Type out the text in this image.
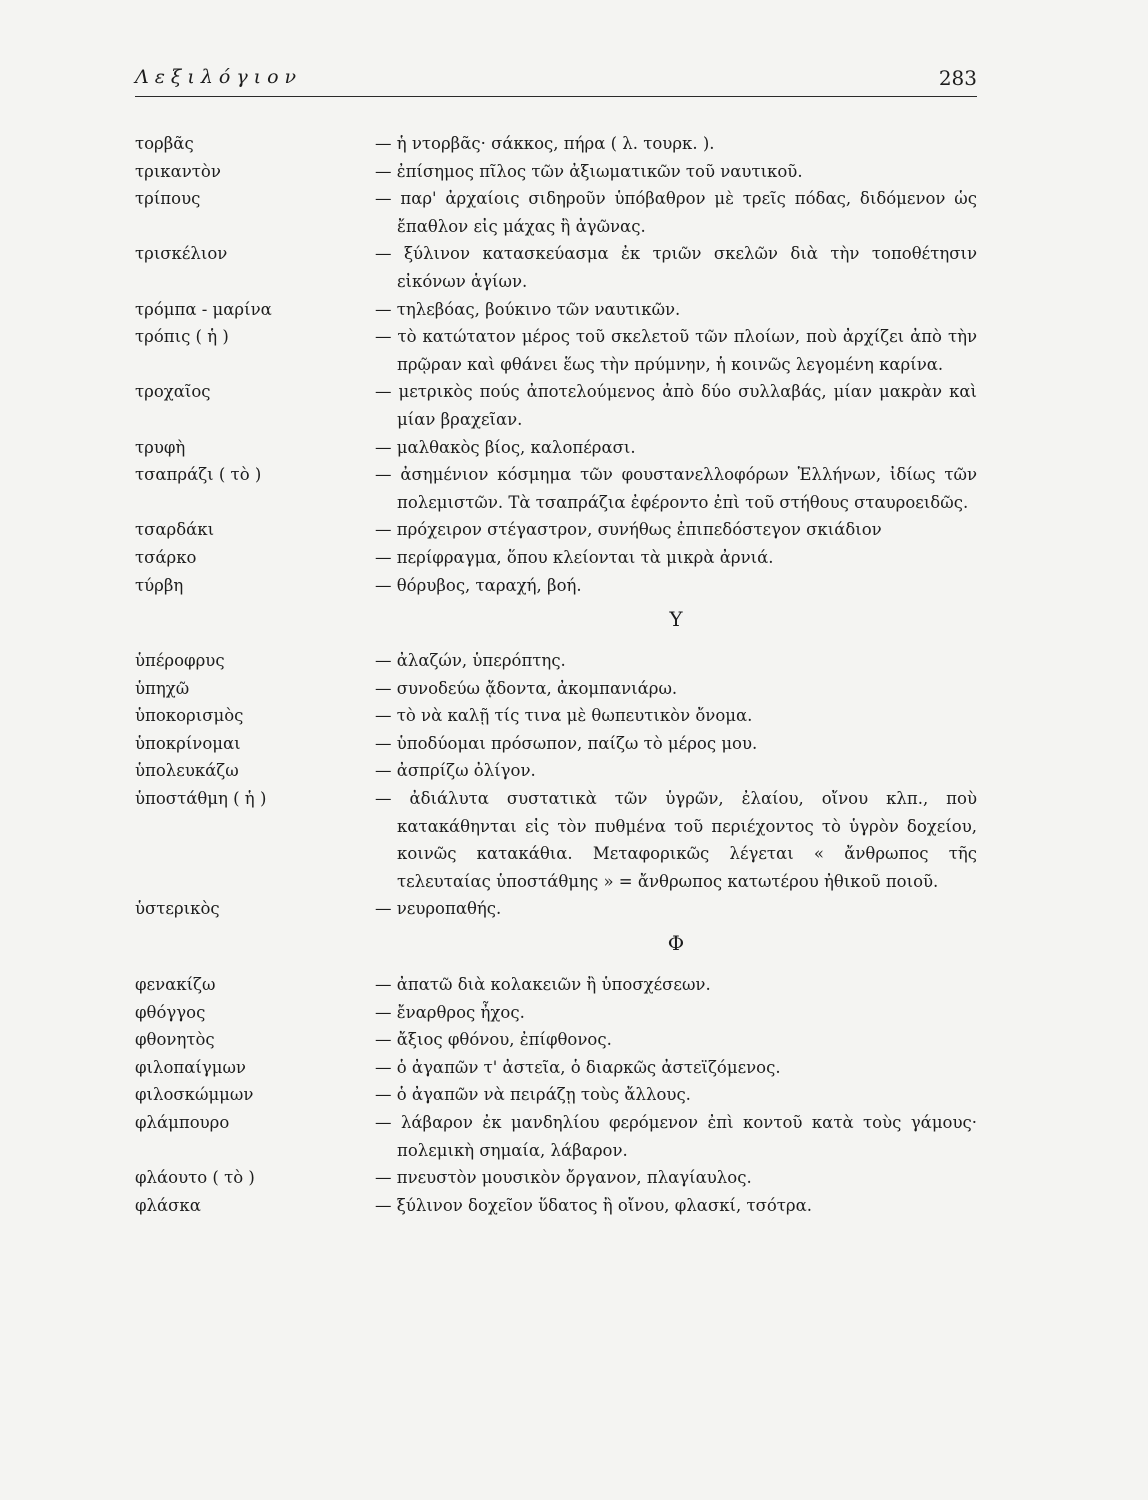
Λεξιλόγιον	283
τορβᾶς	— ἡ ντορβᾶς· σάκκος, πήρα ( λ. τουρκ. ).
τρικαντὸν	— ἐπίσημος πῖλος τῶν ἀξιωματικῶν τοῦ ναυτικοῦ.
τρίπους	— παρ' ἀρχαίοις σιδηροῦν ὑπόβαθρον μὲ τρεῖς πόδας, διδόμενον ὡς ἔπαθλον εἰς μάχας ἢ ἀγῶνας.
τρισκέλιον	— ξύλινον κατασκεύασμα ἐκ τριῶν σκελῶν διὰ τὴν τοποθέτησιν εἰκόνων ἁγίων.
τρόμπα - μαρίνα	— τηλεβόας, βούκινο τῶν ναυτικῶν.
τρόπις ( ἡ )	— τὸ κατώτατον μέρος τοῦ σκελετοῦ τῶν πλοίων, ποὺ ἀρχίζει ἀπὸ τὴν πρῷραν καὶ φθάνει ἕως τὴν πρύμνην, ἡ κοινῶς λεγομένη καρίνα.
τροχαῖος	— μετρικὸς πούς ἀποτελούμενος ἀπὸ δύο συλλαβάς, μίαν μακρὰν καὶ μίαν βραχεῖαν.
τρυφὴ	— μαλθακὸς βίος, καλοπέρασι.
τσαπράζι ( τὸ )	— ἀσημένιον κόσμημα τῶν φουστανελλοφόρων Ἑλλήνων, ἰδίως τῶν πολεμιστῶν. Τὰ τσαπράζια ἐφέροντο ἐπὶ τοῦ στήθους σταυροειδῶς.
τσαρδάκι	— πρόχειρον στέγαστρον, συνήθως ἐπιπεδόστεγον σκιάδιον
τσάρκο	— περίφραγμα, ὅπου κλείονται τὰ μικρὰ ἀρνιά.
τύρβη	— θόρυβος, ταραχή, βοή.
Υ
ὑπέροφρυς	— ἀλαζών, ὑπερόπτης.
ὑπηχῶ	— συνοδεύω ᾄδοντα, ἀκομπανιάρω.
ὑποκορισμὸς	— τὸ νὰ καλῇ τίς τινα μὲ θωπευτικὸν ὄνομα.
ὑποκρίνομαι	— ὑποδύομαι πρόσωπον, παίζω τὸ μέρος μου.
ὑπολευκάζω	— ἀσπρίζω ὀλίγον.
ὑποστάθμη ( ἡ )	— ἀδιάλυτα συστατικὰ τῶν ὑγρῶν, ἐλαίου, οἴνου κλπ., ποὺ κατακάθηνται εἰς τὸν πυθμένα τοῦ περιέχοντος τὸ ὑγρὸν δοχείου, κοινῶς κατακάθια. Μεταφορικῶς λέγεται « ἄνθρωπος τῆς τελευταίας ὑποστάθμης » = ἄνθρωπος κατωτέρου ἠθικοῦ ποιοῦ.
ὑστερικὸς	— νευροπαθής.
Φ
φενακίζω	— ἀπατῶ διὰ κολακειῶν ἢ ὑποσχέσεων.
φθόγγος	— ἔναρθρος ἦχος.
φθονητὸς	— ἄξιος φθόνου, ἐπίφθονος.
φιλοπαίγμων	— ὁ ἀγαπῶν τ' ἀστεῖα, ὁ διαρκῶς ἀστεϊζόμενος.
φιλοσκώμμων	— ὁ ἀγαπῶν νὰ πειράζῃ τοὺς ἄλλους.
φλάμπουρο	— λάβαρον ἐκ μανδηλίου φερόμενον ἐπὶ κοντοῦ κατὰ τοὺς γάμους· πολεμικὴ σημαία, λάβαρον.
φλάουτο ( τὸ )	— πνευστὸν μουσικὸν ὄργανον, πλαγίαυλος.
φλάσκα	— ξύλινον δοχεῖον ὕδατος ἢ οἴνου, φλασκί, τσότρα.
